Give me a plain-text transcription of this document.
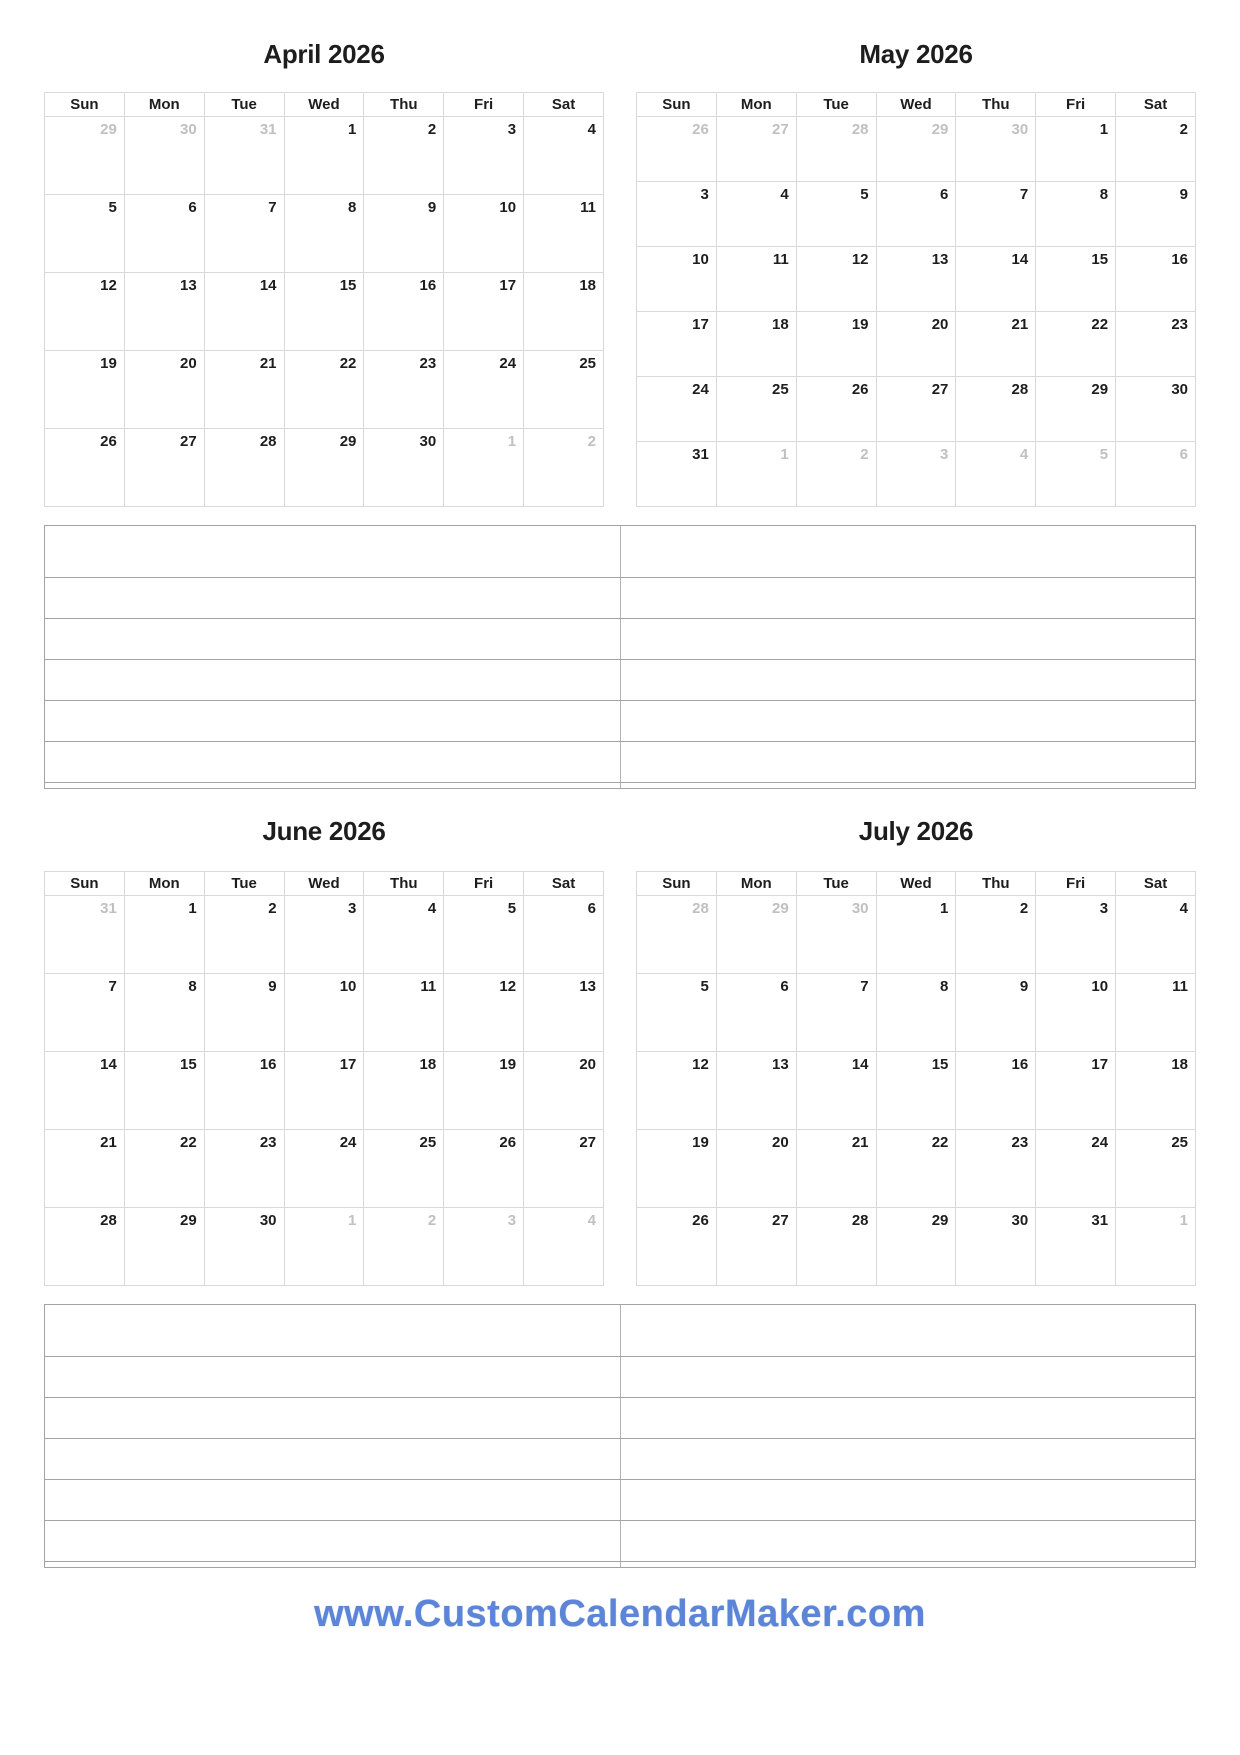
April 2026
Sun	Mon	Tue	Wed	Thu	Fri	Sat
29	30	31	1	2	3	4
5	6	7	8	9	10	11
12	13	14	15	16	17	18
19	20	21	22	23	24	25
26	27	28	29	30	1	2
May 2026
Sun	Mon	Tue	Wed	Thu	Fri	Sat
26	27	28	29	30	1	2
3	4	5	6	7	8	9
10	11	12	13	14	15	16
17	18	19	20	21	22	23
24	25	26	27	28	29	30
31	1	2	3	4	5	6
June 2026
Sun	Mon	Tue	Wed	Thu	Fri	Sat
31	1	2	3	4	5	6
7	8	9	10	11	12	13
14	15	16	17	18	19	20
21	22	23	24	25	26	27
28	29	30	1	2	3	4
July 2026
Sun	Mon	Tue	Wed	Thu	Fri	Sat
28	29	30	1	2	3	4
5	6	7	8	9	10	11
12	13	14	15	16	17	18
19	20	21	22	23	24	25
26	27	28	29	30	31	1
www.CustomCalendarMaker.com
